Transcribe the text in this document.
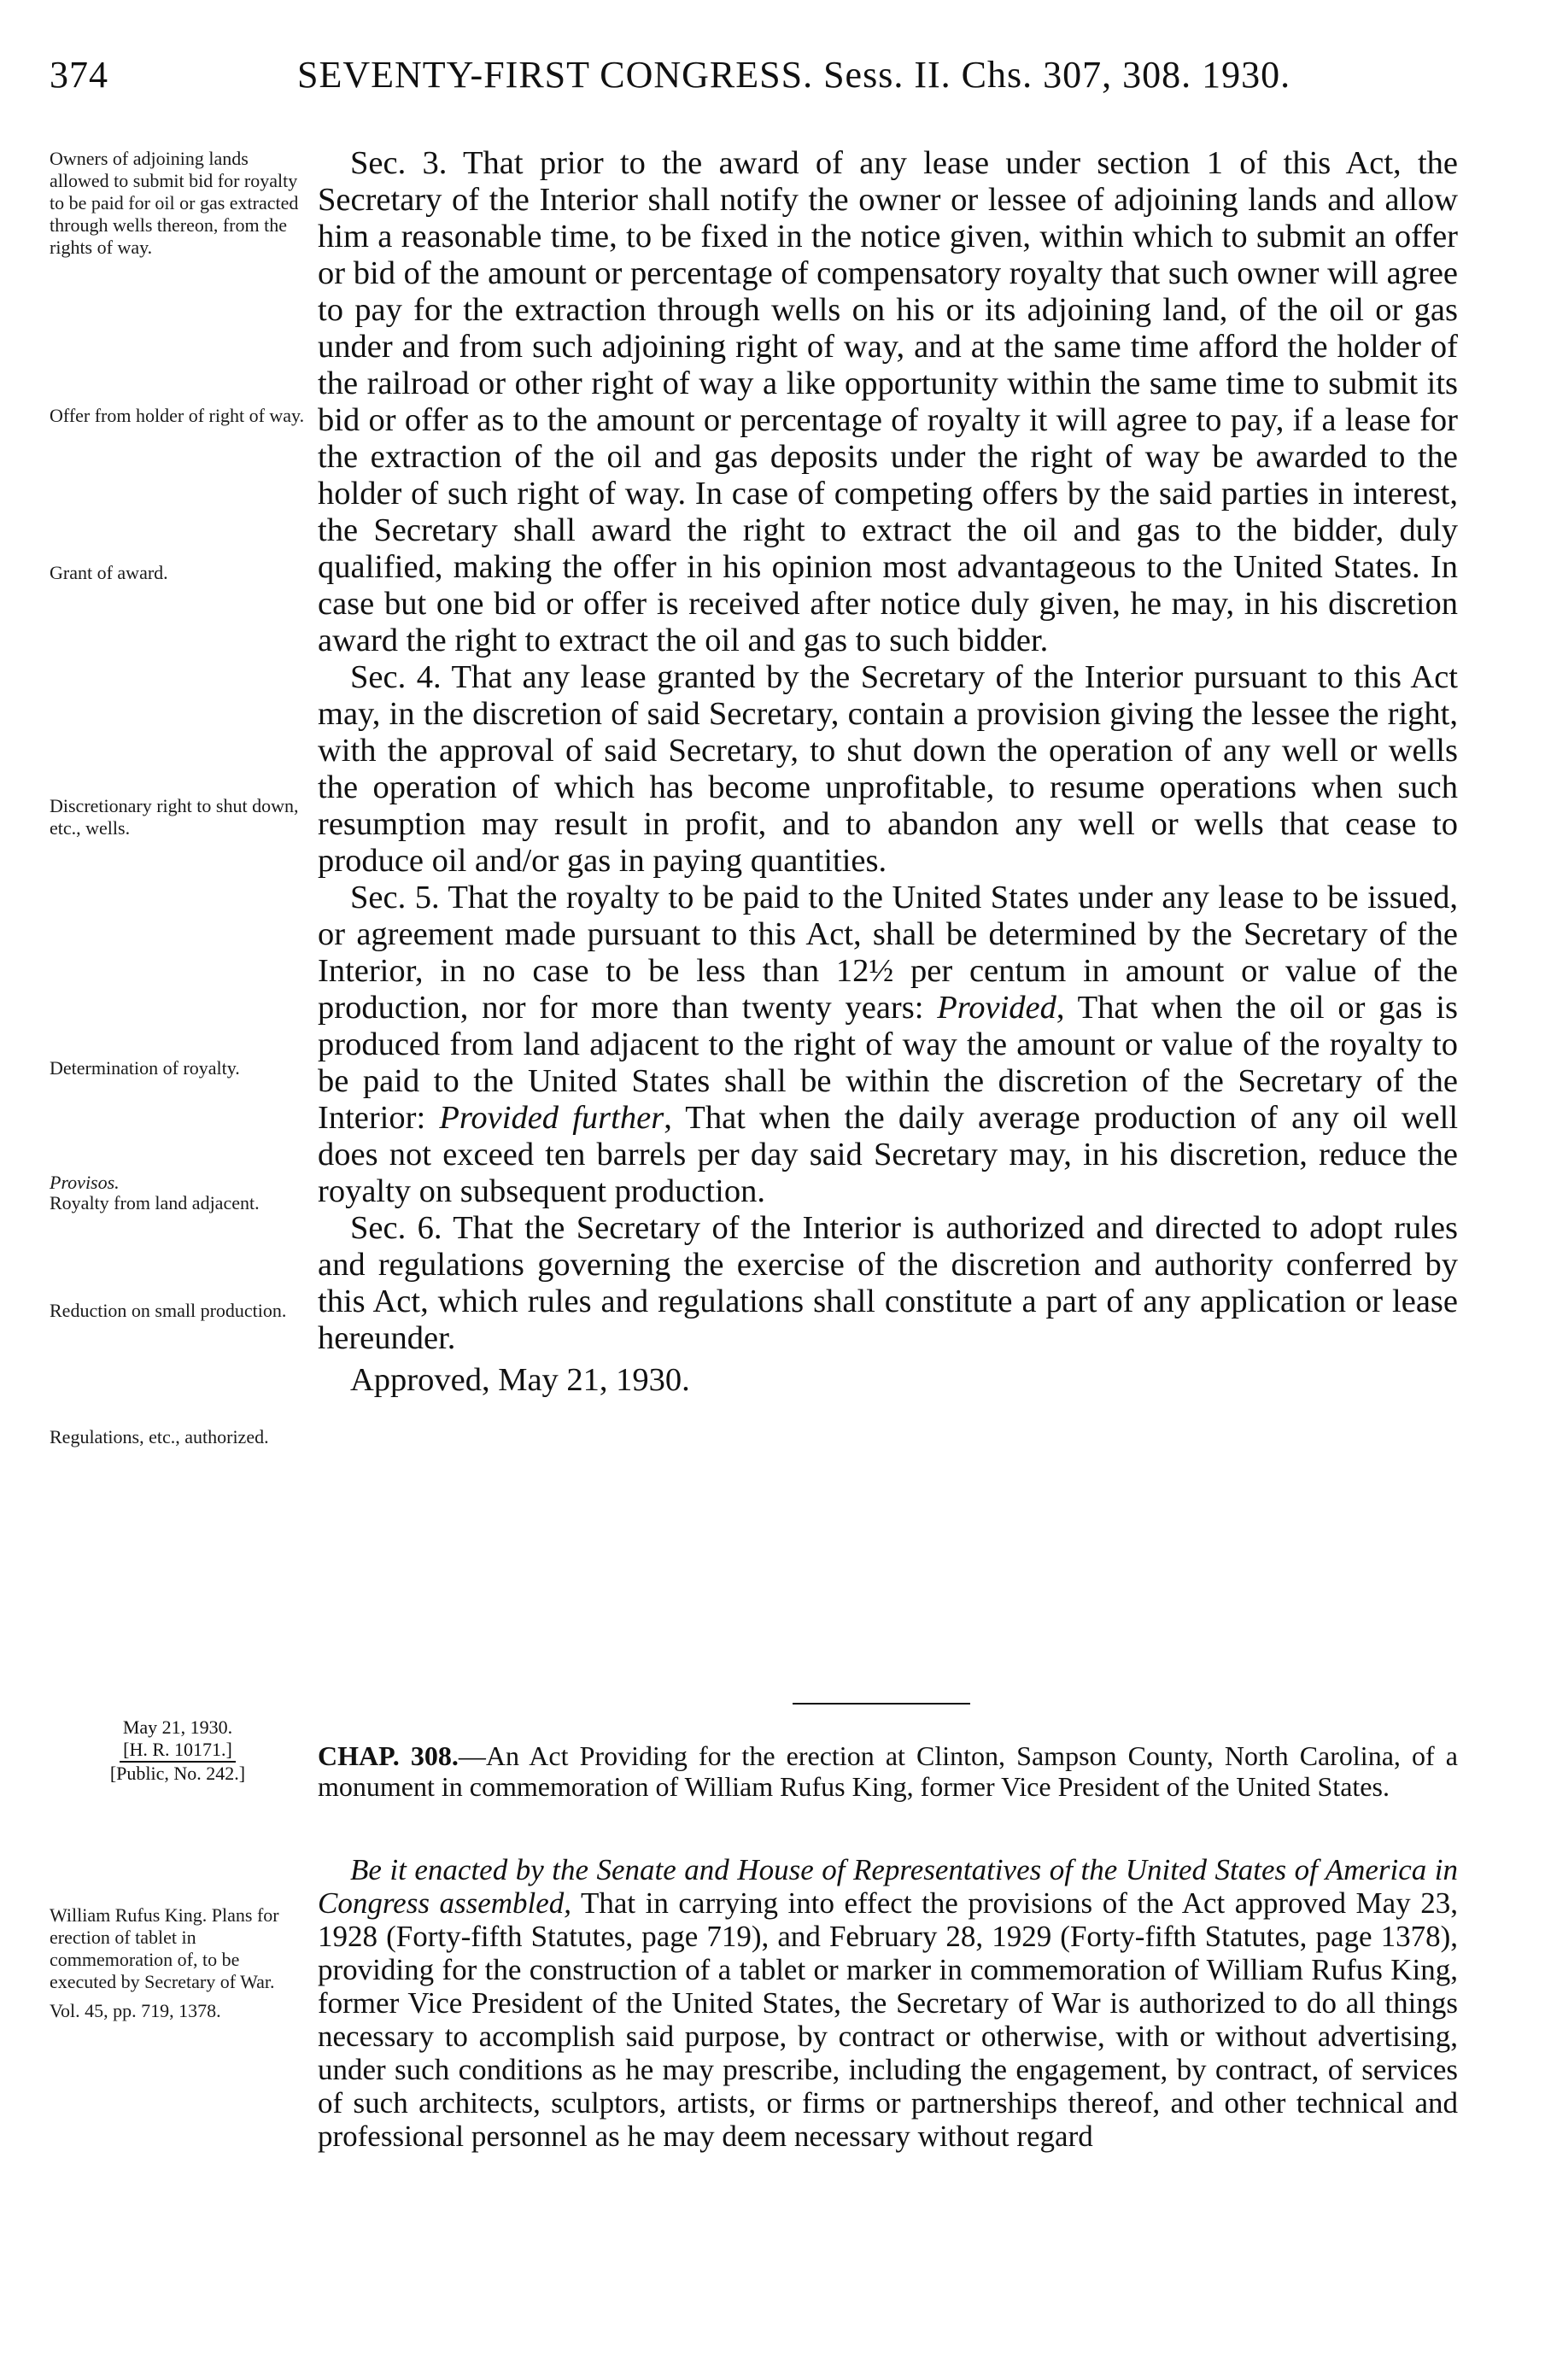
374	SEVENTY-FIRST CONGRESS. Sess. II. Chs. 307, 308. 1930.
Owners of adjoining lands allowed to submit bid for royalty to be paid for oil or gas extracted through wells thereon, from the rights of way.
Offer from holder of right of way.
Grant of award.
Discretionary right to shut down, etc., wells.
Determination of royalty.
Provisos.
Royalty from land adjacent.
Reduction on small production.
Regulations, etc., authorized.
William Rufus King. Plans for erection of tablet in commemoration of, to be executed by Secretary of War.
Vol. 45, pp. 719, 1378.

Sec. 3. That prior to the award of any lease under section 1 of this Act, the Secretary of the Interior shall notify the owner or lessee of adjoining lands and allow him a reasonable time, to be fixed in the notice given, within which to submit an offer or bid of the amount or percentage of compensatory royalty that such owner will agree to pay for the extraction through wells on his or its adjoining land, of the oil or gas under and from such adjoining right of way, and at the same time afford the holder of the railroad or other right of way a like opportunity within the same time to submit its bid or offer as to the amount or percentage of royalty it will agree to pay, if a lease for the extraction of the oil and gas deposits under the right of way be awarded to the holder of such right of way. In case of competing offers by the said parties in interest, the Secretary shall award the right to extract the oil and gas to the bidder, duly qualified, making the offer in his opinion most advantageous to the United States. In case but one bid or offer is received after notice duly given, he may, in his discretion award the right to extract the oil and gas to such bidder.

Sec. 4. That any lease granted by the Secretary of the Interior pursuant to this Act may, in the discretion of said Secretary, contain a provision giving the lessee the right, with the approval of said Secretary, to shut down the operation of any well or wells the operation of which has become unprofitable, to resume operations when such resumption may result in profit, and to abandon any well or wells that cease to produce oil and/or gas in paying quantities.

Sec. 5. That the royalty to be paid to the United States under any lease to be issued, or agreement made pursuant to this Act, shall be determined by the Secretary of the Interior, in no case to be less than 12½ per centum in amount or value of the production, nor for more than twenty years: Provided, That when the oil or gas is produced from land adjacent to the right of way the amount or value of the royalty to be paid to the United States shall be within the discretion of the Secretary of the Interior: Provided further, That when the daily average production of any oil well does not exceed ten barrels per day said Secretary may, in his discretion, reduce the royalty on subsequent production.

Sec. 6. That the Secretary of the Interior is authorized and directed to adopt rules and regulations governing the exercise of the discretion and authority conferred by this Act, which rules and regulations shall constitute a part of any application or lease hereunder.

Approved, May 21, 1930.

May 21, 1930.
[H. R. 10171.]
[Public, No. 242.]
CHAP. 308.—An Act Providing for the erection at Clinton, Sampson County, North Carolina, of a monument in commemoration of William Rufus King, former Vice President of the United States.

Be it enacted by the Senate and House of Representatives of the United States of America in Congress assembled, That in carrying into effect the provisions of the Act approved May 23, 1928 (Forty-fifth Statutes, page 719), and February 28, 1929 (Forty-fifth Statutes, page 1378), providing for the construction of a tablet or marker in commemoration of William Rufus King, former Vice President of the United States, the Secretary of War is authorized to do all things necessary to accomplish said purpose, by contract or otherwise, with or without advertising, under such conditions as he may prescribe, including the engagement, by contract, of services of such architects, sculptors, artists, or firms or partnerships thereof, and other technical and professional personnel as he may deem necessary without regard
